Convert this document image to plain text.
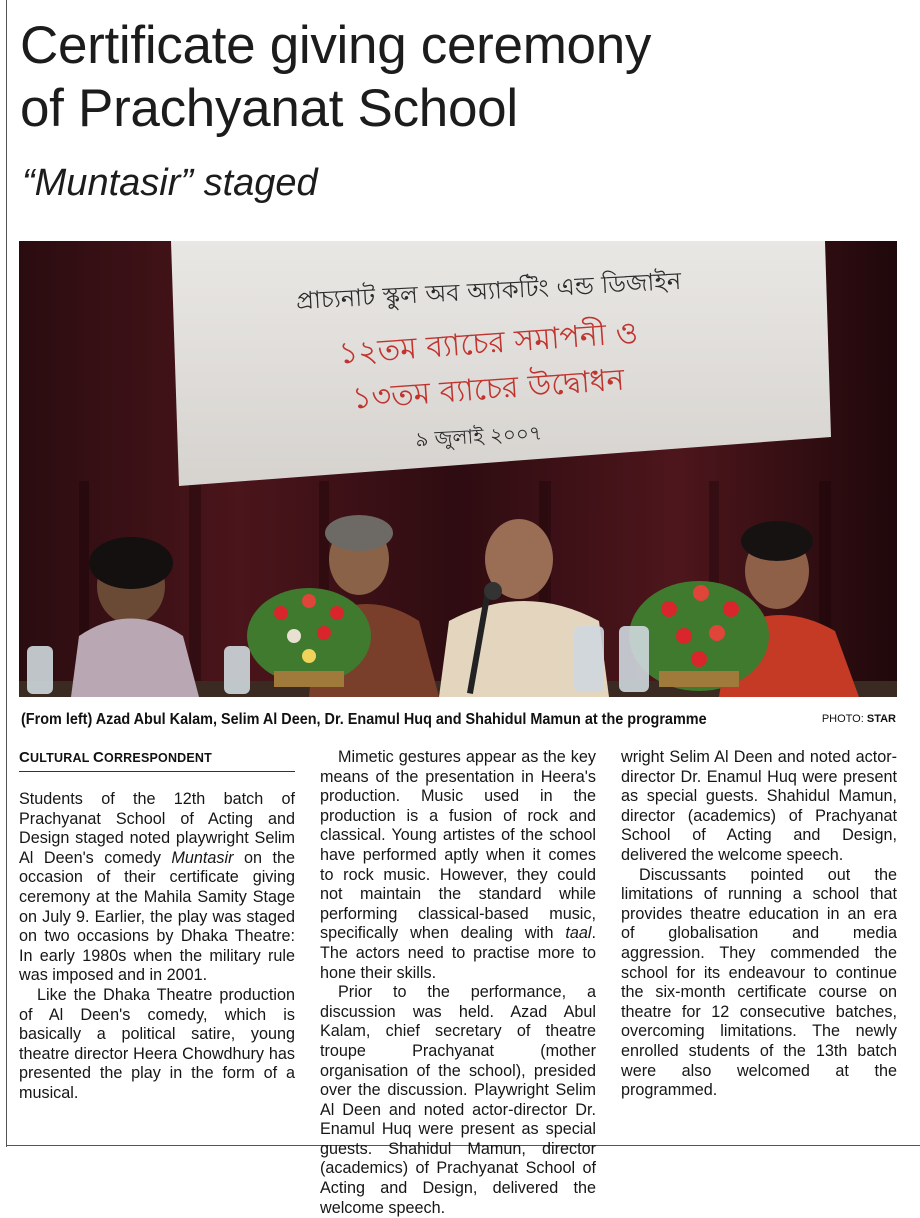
Certificate giving ceremony
of Prachyanat School
“Muntasir” staged
প্রাচ্যনাট স্কুল অব অ্যাকটিং এন্ড ডিজাইন
১২তম ব্যাচের সমাপনী ও
১৩তম ব্যাচের উদ্বোধন
৯ জুলাই ২০০৭

(From left) Azad Abul Kalam, Selim Al Deen, Dr. Enamul Huq and Shahidul Mamun at the programme	PHOTO: STAR

CULTURAL CORRESPONDENT

Students of the 12th batch of Prachyanat School of Acting and Design staged noted playwright Selim Al Deen's comedy Muntasir on the occasion of their certificate giving ceremony at the Mahila Samity Stage on July 9. Earlier, the play was staged on two occasions by Dhaka Theatre: In early 1980s when the military rule was imposed and in 2001.

Like the Dhaka Theatre production of Al Deen's comedy, which is basically a political satire, young theatre director Heera Chowdhury has presented the play in the form of a musical.

Mimetic gestures appear as the key means of the presentation in Heera's production. Music used in the production is a fusion of rock and classical. Young artistes of the school have performed aptly when it comes to rock music. However, they could not maintain the standard while performing classical-based music, specifically when dealing with taal. The actors need to practise more to hone their skills.

Prior to the performance, a discussion was held. Azad Abul Kalam, chief secretary of theatre troupe Prachyanat (mother organisation of the school), presided over the discussion. Playwright Selim Al Deen and noted actor-director Dr. Enamul Huq were present as special guests. Shahidul Mamun, director (academics) of Prachyanat School of Acting and Design, delivered the welcome speech.

wright Selim Al Deen and noted actor-director Dr. Enamul Huq were present as special guests. Shahidul Mamun, director (academics) of Prachyanat School of Acting and Design, delivered the welcome speech.

Discussants pointed out the limitations of running a school that provides theatre education in an era of globalisation and media aggression. They commended the school for its endeavour to continue the six-month certificate course on theatre for 12 consecutive batches, overcoming limitations. The newly enrolled students of the 13th batch were also welcomed at the programmed.
